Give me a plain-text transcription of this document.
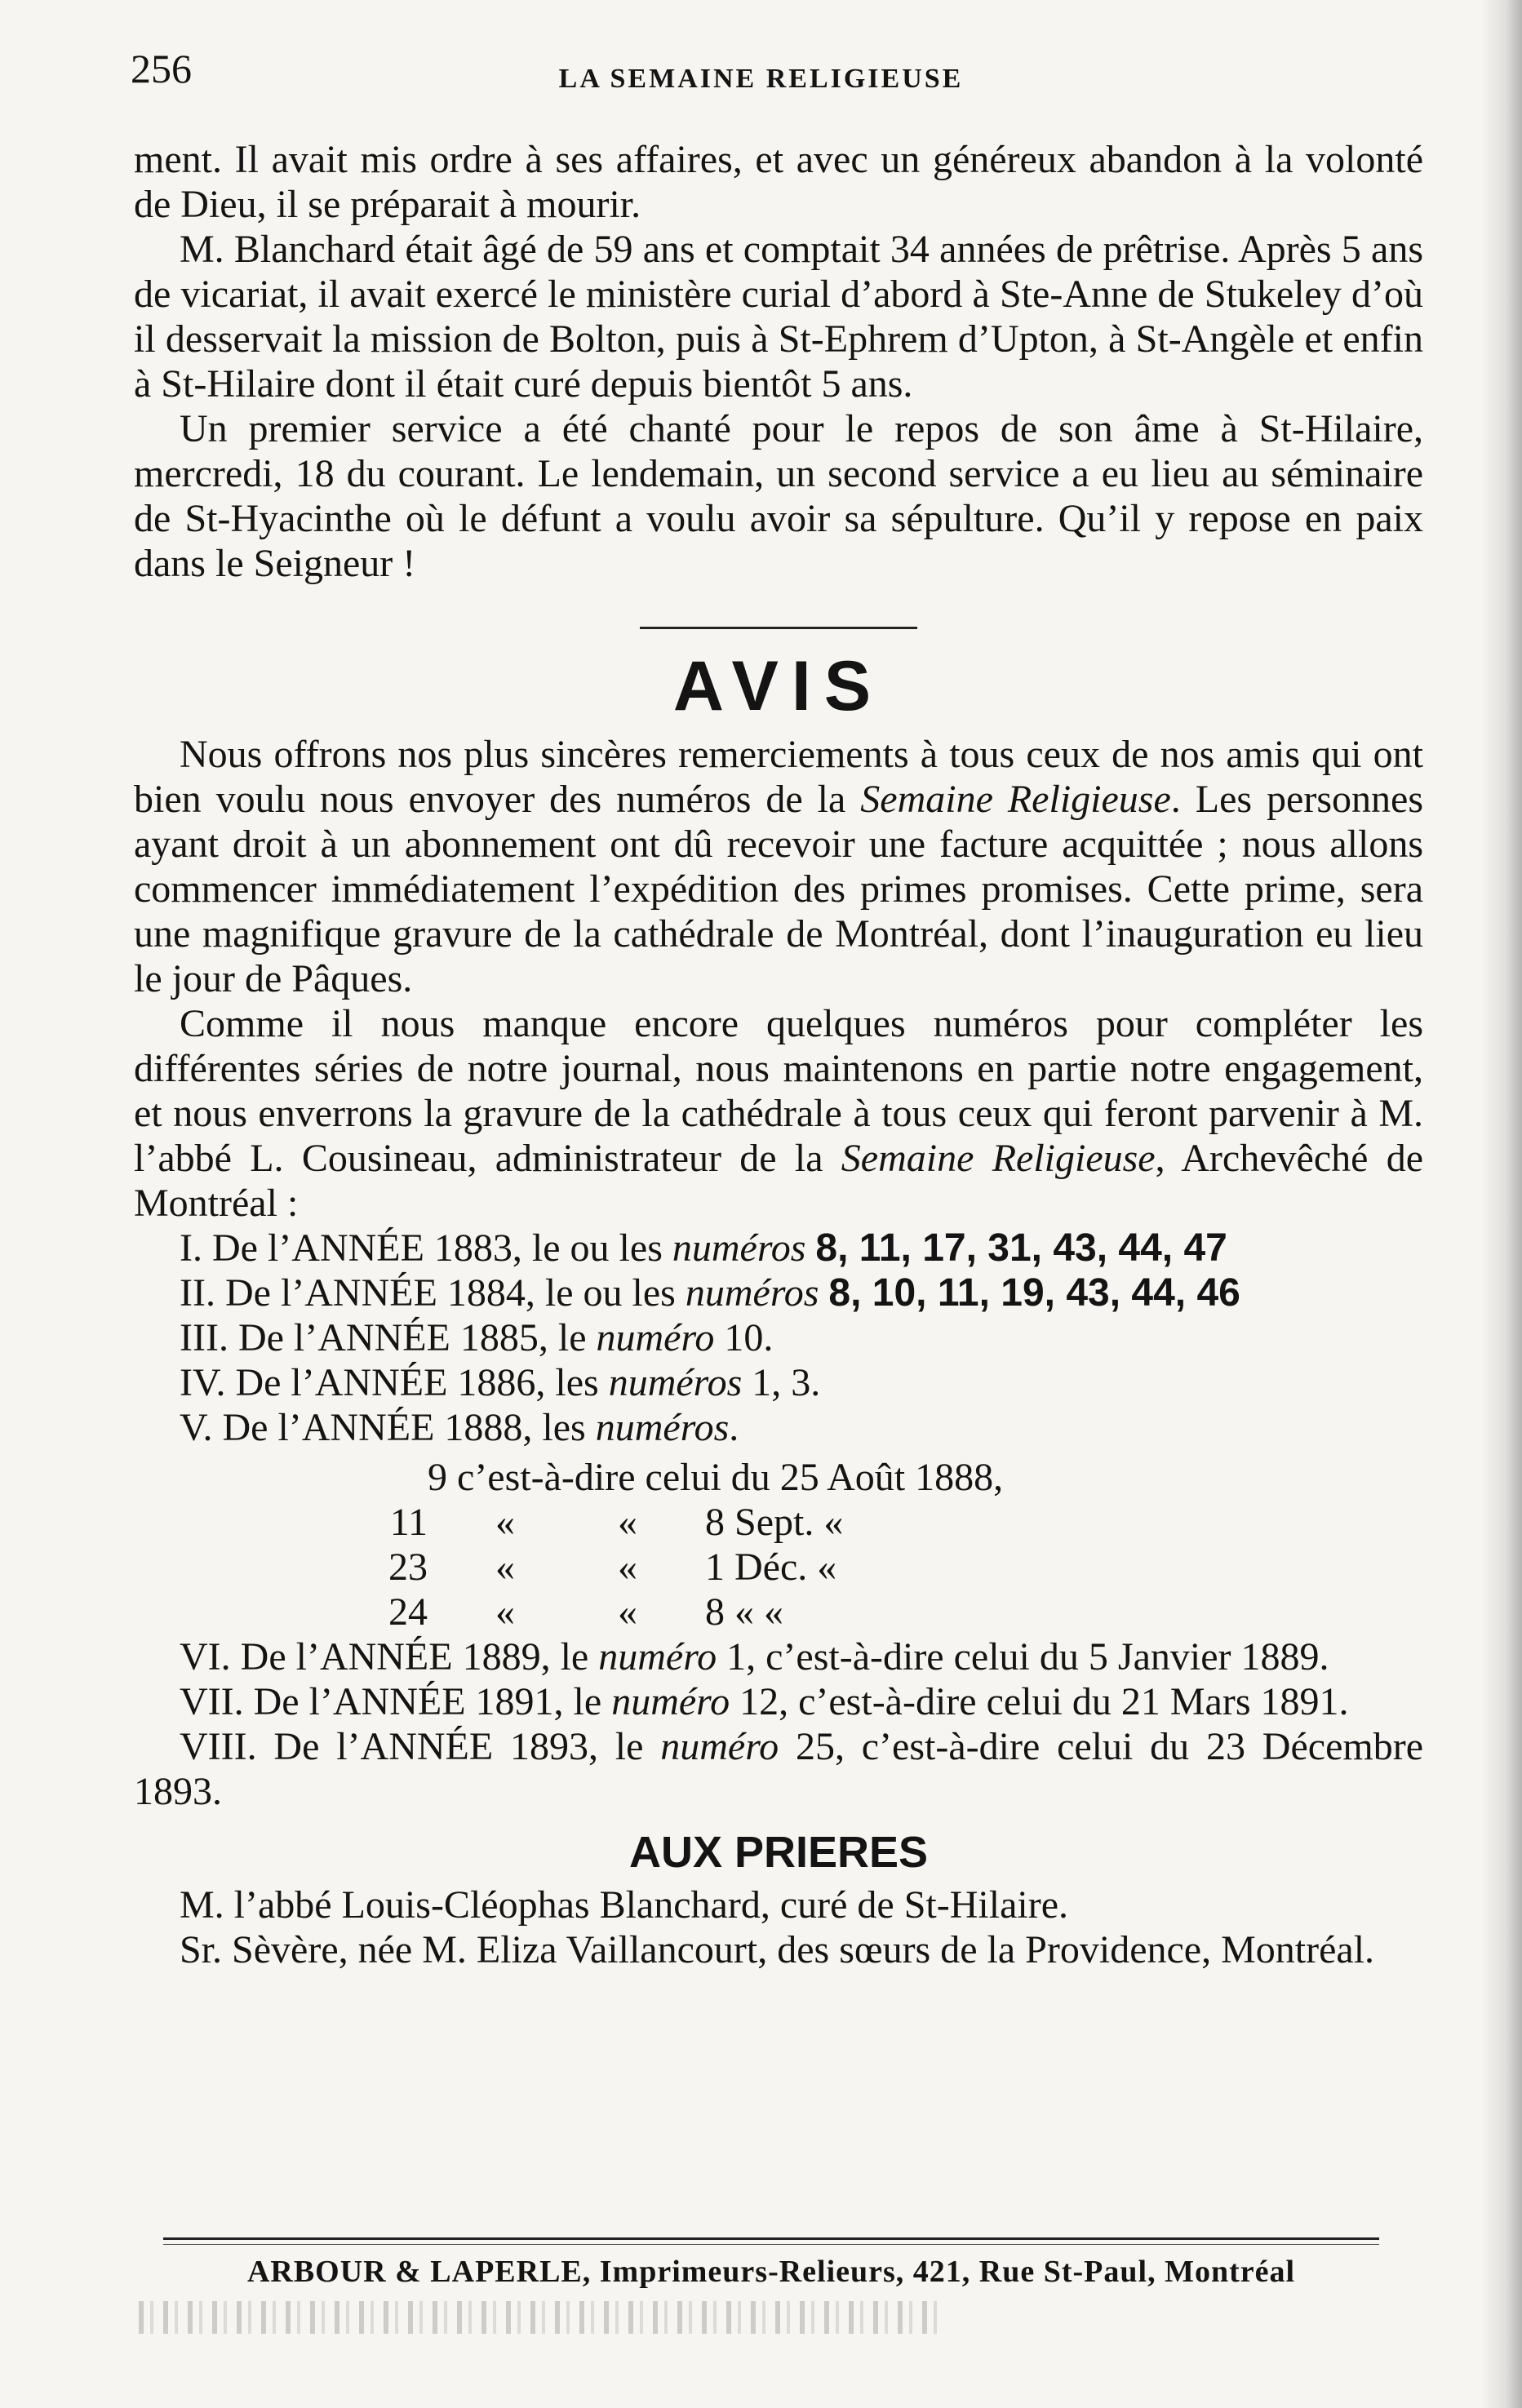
256	LA SEMAINE RELIGIEUSE

ment. Il avait mis ordre à ses affaires, et avec un généreux abandon à la volonté de Dieu, il se préparait à mourir.

M. Blanchard était âgé de 59 ans et comptait 34 années de prêtrise. Après 5 ans de vicariat, il avait exercé le ministère curial d’abord à Ste-Anne de Stukeley d’où il desservait la mission de Bolton, puis à St-Ephrem d’Upton, à St-Angèle et enfin à St-Hilaire dont il était curé depuis bientôt 5 ans.

Un premier service a été chanté pour le repos de son âme à St-Hilaire, mercredi, 18 du courant. Le lendemain, un second service a eu lieu au séminaire de St-Hyacinthe où le défunt a voulu avoir sa sépulture. Qu’il y repose en paix dans le Seigneur !

AVIS

Nous offrons nos plus sincères remerciements à tous ceux de nos amis qui ont bien voulu nous envoyer des numéros de la Semaine Religieuse. Les personnes ayant droit à un abonnement ont dû recevoir une facture acquittée ; nous allons commencer immédiatement l’expédition des primes promises. Cette prime, sera une magnifique gravure de la cathédrale de Montréal, dont l’inauguration eu lieu le jour de Pâques.

Comme il nous manque encore quelques numéros pour compléter les différentes séries de notre journal, nous maintenons en partie notre engagement, et nous enverrons la gravure de la cathédrale à tous ceux qui feront parvenir à M. l’abbé L. Cousineau, administrateur de la Semaine Religieuse, Archevêché de Montréal :

I. De l’ANNÉE 1883, le ou les numéros 8, 11, 17, 31, 43, 44, 47

II. De l’ANNÉE 1884, le ou les numéros 8, 10, 11, 19, 43, 44, 46

III. De l’ANNÉE 1885, le numéro 10.

IV. De l’ANNÉE 1886, les numéros 1, 3.

V. De l’ANNÉE 1888, les numéros.

9 c’est-à-dire celui du 25 Août 1888,
11	«	«	8 Sept. «
23	«	«	1 Déc. «
24	«	«	8 « «

VI. De l’ANNÉE 1889, le numéro 1, c’est-à-dire celui du 5 Janvier 1889.

VII. De l’ANNÉE 1891, le numéro 12, c’est-à-dire celui du 21 Mars 1891.

VIII. De l’ANNÉE 1893, le numéro 25, c’est-à-dire celui du 23 Décembre 1893.

AUX PRIERES

M. l’abbé Louis-Cléophas Blanchard, curé de St-Hilaire.

Sr. Sèvère, née M. Eliza Vaillancourt, des sœurs de la Providence, Montréal.

ARBOUR & LAPERLE, Imprimeurs-Relieurs, 421, Rue St-Paul, Montréal
